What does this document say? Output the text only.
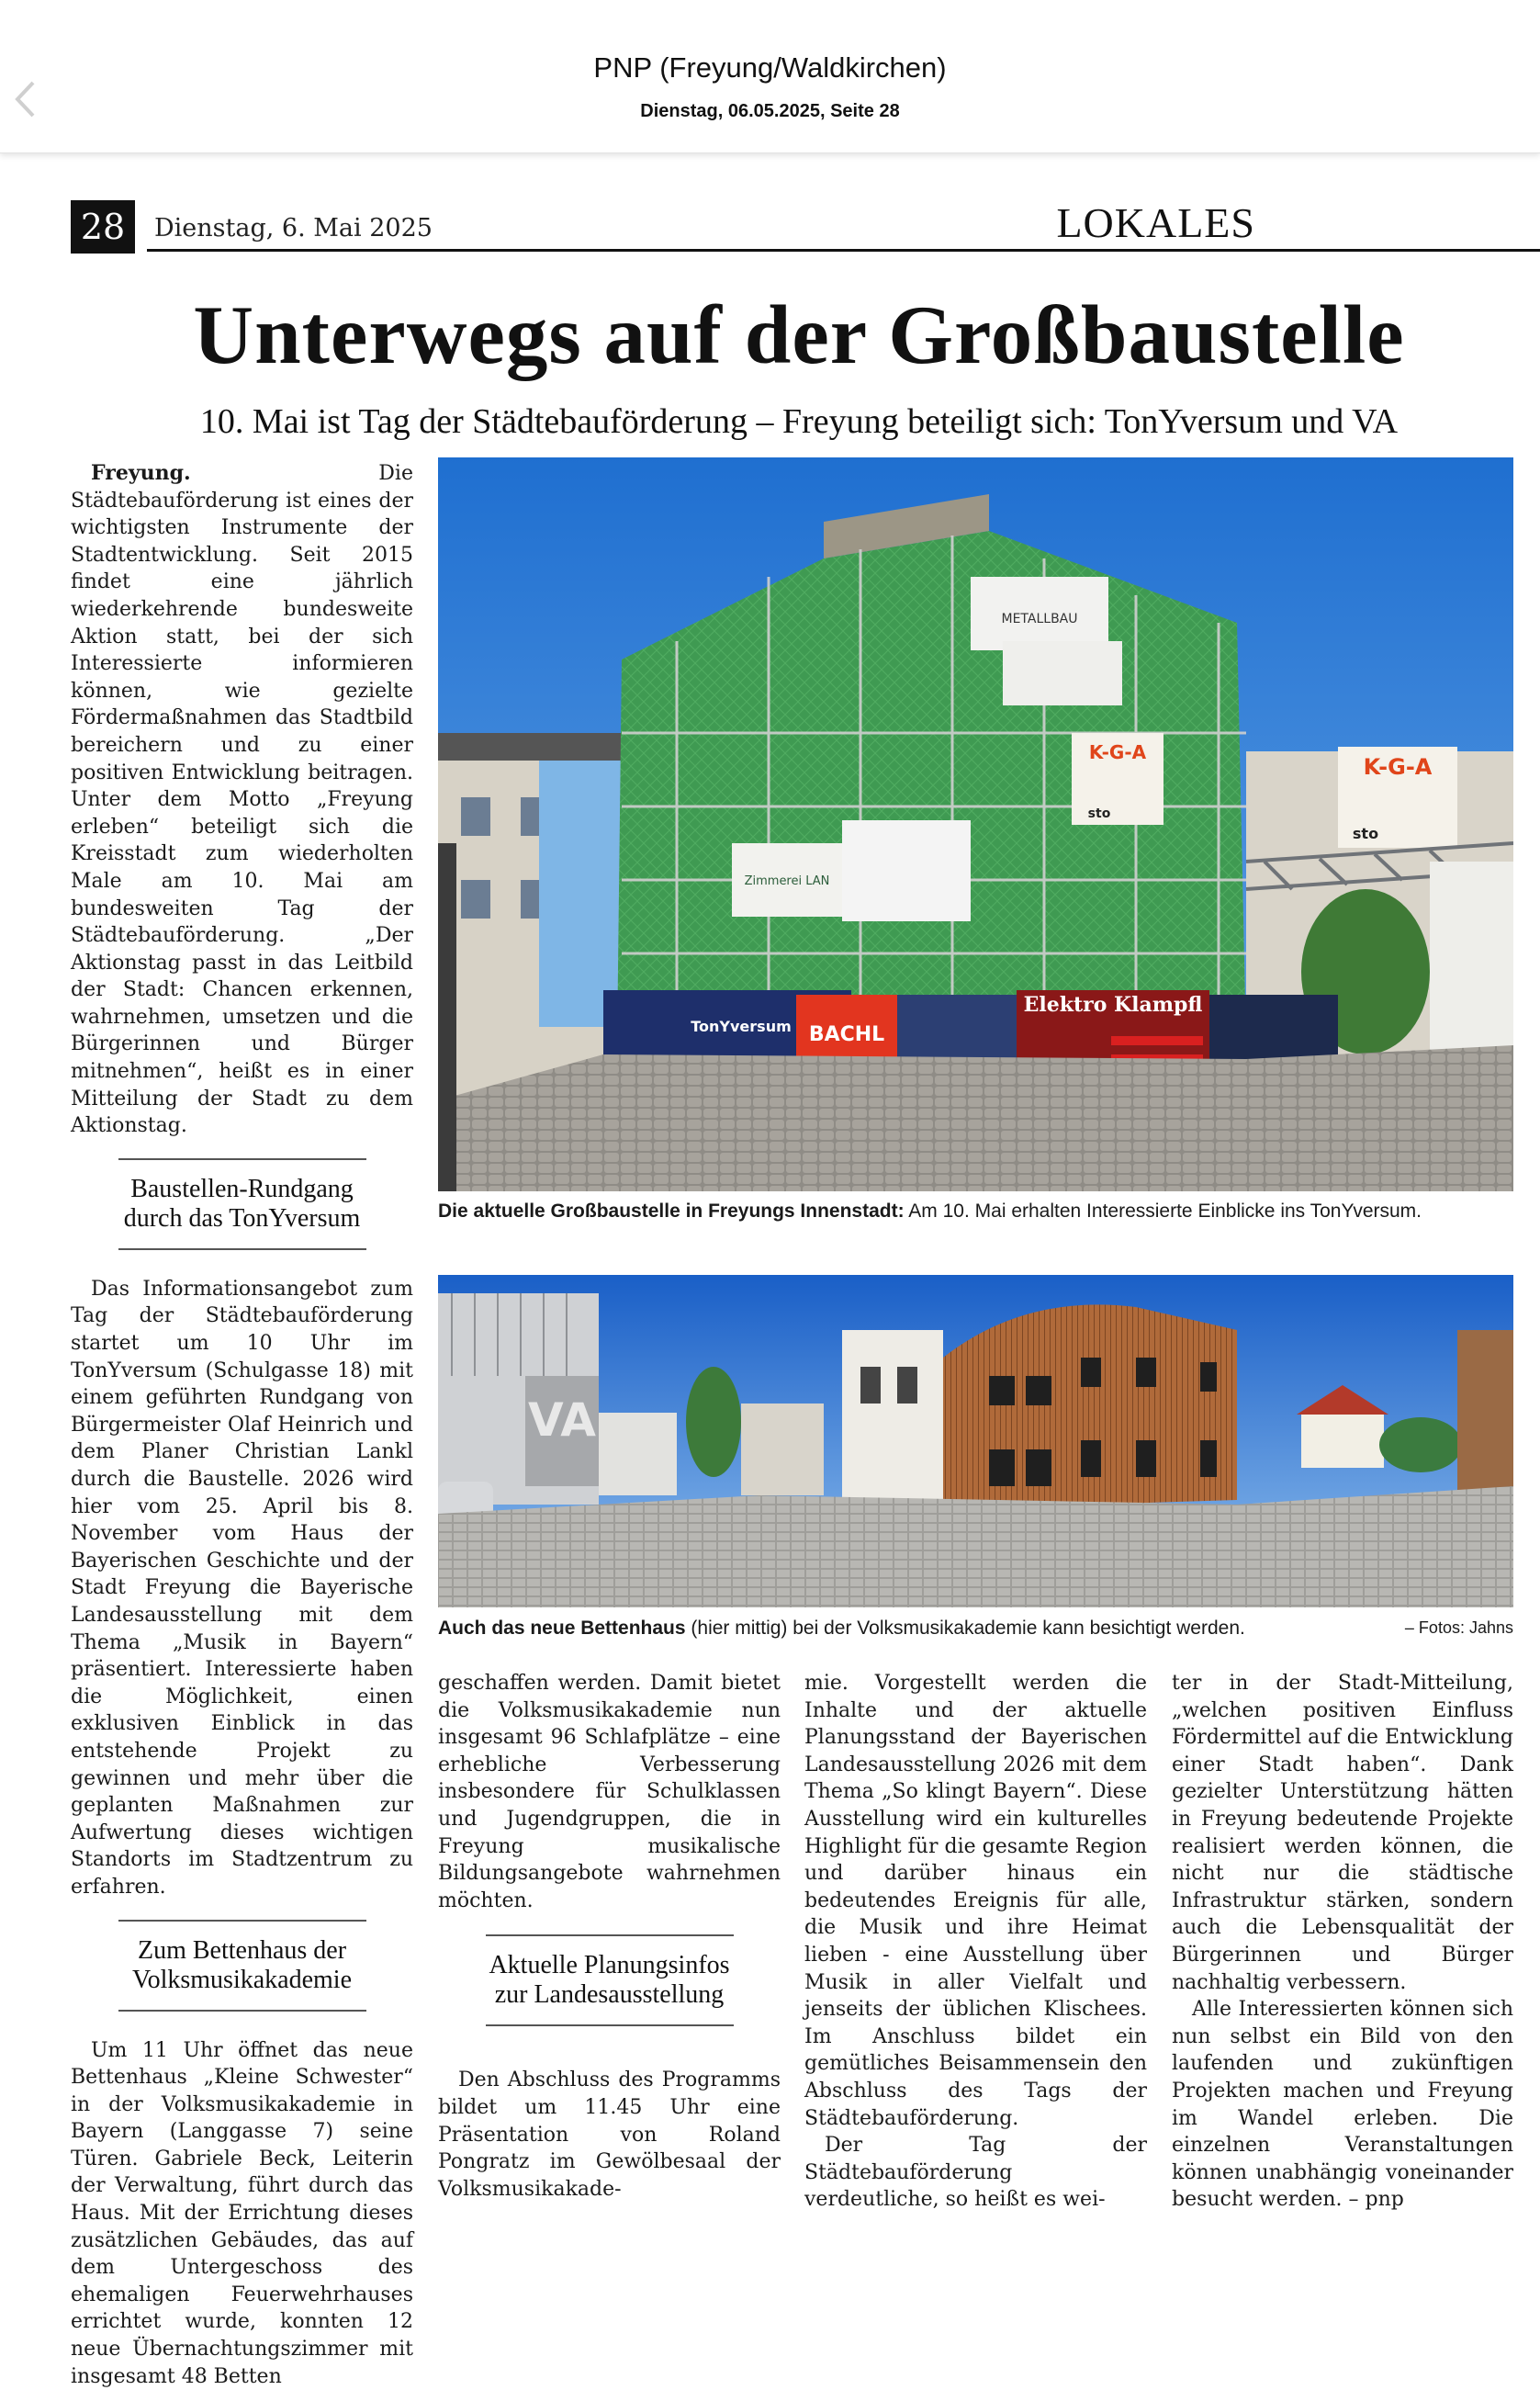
PNP (Freyung/Waldkirchen)
Dienstag, 06.05.2025, Seite 28
28	Dienstag, 6. Mai 2025	LOKALES
Unterwegs auf der Großbaustelle
10. Mai ist Tag der Städtebauförderung – Freyung beteiligt sich: TonYversum und VA

Freyung.	Die Städtebauförderung ist eines der wichtigsten Instrumente der Stadtentwicklung. Seit 2015 findet eine jährlich wiederkehrende bundesweite Aktion statt, bei der sich Interessierte informieren können, wie gezielte Fördermaßnahmen das Stadtbild bereichern und zu einer positiven Entwicklung beitragen. Unter dem Motto „Freyung erleben“ beteiligt sich die Kreisstadt zum wiederholten Male am 10. Mai am bundesweiten Tag der Städtebauförderung. „Der Aktionstag passt in das Leitbild der Stadt: Chancen erkennen, wahrnehmen, umsetzen und die Bürgerinnen und Bürger mitnehmen“, heißt es in einer Mitteilung der Stadt zu dem Aktionstag.

Baustellen-Rundgang
durch das TonYversum

Das Informationsangebot zum Tag der Städtebauförderung startet um 10 Uhr im TonYversum (Schulgasse 18) mit einem geführten Rundgang von Bürgermeister Olaf Heinrich und dem Planer Christian Lankl durch die Baustelle. 2026 wird hier vom 25. April bis 8. November vom Haus der Bayerischen Geschichte und der Stadt Freyung die Bayerische Landesausstellung mit dem Thema „Musik in Bayern“ präsentiert. Interessierte haben die Möglichkeit, einen exklusiven Einblick in das entstehende Projekt zu gewinnen und mehr über die geplanten Maßnahmen zur Aufwertung dieses wichtigen Standorts im Stadtzentrum zu erfahren.

Zum Bettenhaus der
Volksmusikakademie

Um 11 Uhr öffnet das neue Bettenhaus „Kleine Schwester“ in der Volksmusikakademie in Bayern (Langgasse 7) seine Türen. Gabriele Beck, Leiterin der Verwaltung, führt durch das Haus. Mit der Errichtung dieses zusätzlichen Gebäudes, das auf dem Untergeschoss des ehemaligen Feuerwehrhauses errichtet wurde, konnten 12 neue Übernachtungszimmer mit insgesamt 48 Betten

METALLBAU
K-G-A
sto
Zimmerei LAN
K-G-A
sto
TonYversum BACHL
Elektro Klampfl
Die aktuelle Großbaustelle in Freyungs Innenstadt: Am 10. Mai erhalten Interessierte Einblicke ins TonYversum.
VA
Auch das neue Bettenhaus (hier mittig) bei der Volksmusikakademie kann besichtigt werden.	– Fotos: Jahns

geschaffen werden. Damit bietet die Volksmusikakademie nun insgesamt 96 Schlafplätze – eine erhebliche Verbesserung insbesondere für Schulklassen und Jugendgruppen, die in Freyung musikalische Bildungsangebote wahrnehmen möchten.

Aktuelle Planungsinfos
zur Landesausstellung

Den Abschluss des Programms bildet um 11.45 Uhr eine Präsentation von Roland Pongratz im Gewölbesaal der Volksmusikakade-

mie. Vorgestellt werden die Inhalte und der aktuelle Planungsstand der Bayerischen Landesausstellung 2026 mit dem Thema „So klingt Bayern“. Diese Ausstellung wird ein kulturelles Highlight für die gesamte Region und darüber hinaus ein bedeutendes Ereignis für alle, die Musik und ihre Heimat lieben - eine Ausstellung über Musik in aller Vielfalt und jenseits der üblichen Klischees. Im Anschluss bildet ein gemütliches Beisammensein den Abschluss des Tags der Städtebauförderung.

Der Tag der Städtebauförderung verdeutliche, so heißt es wei-

ter in der Stadt-Mitteilung, „welchen positiven Einfluss Fördermittel auf die Entwicklung einer Stadt haben“. Dank gezielter Unterstützung hätten in Freyung bedeutende Projekte realisiert werden können, die nicht nur die städtische Infrastruktur stärken, sondern auch die Lebensqualität der Bürgerinnen und Bürger nachhaltig verbessern.

Alle Interessierten können sich nun selbst ein Bild von den laufenden und zukünftigen Projekten machen und Freyung im Wandel erleben. Die einzelnen Veranstaltungen können unabhängig voneinander besucht werden. – pnp
